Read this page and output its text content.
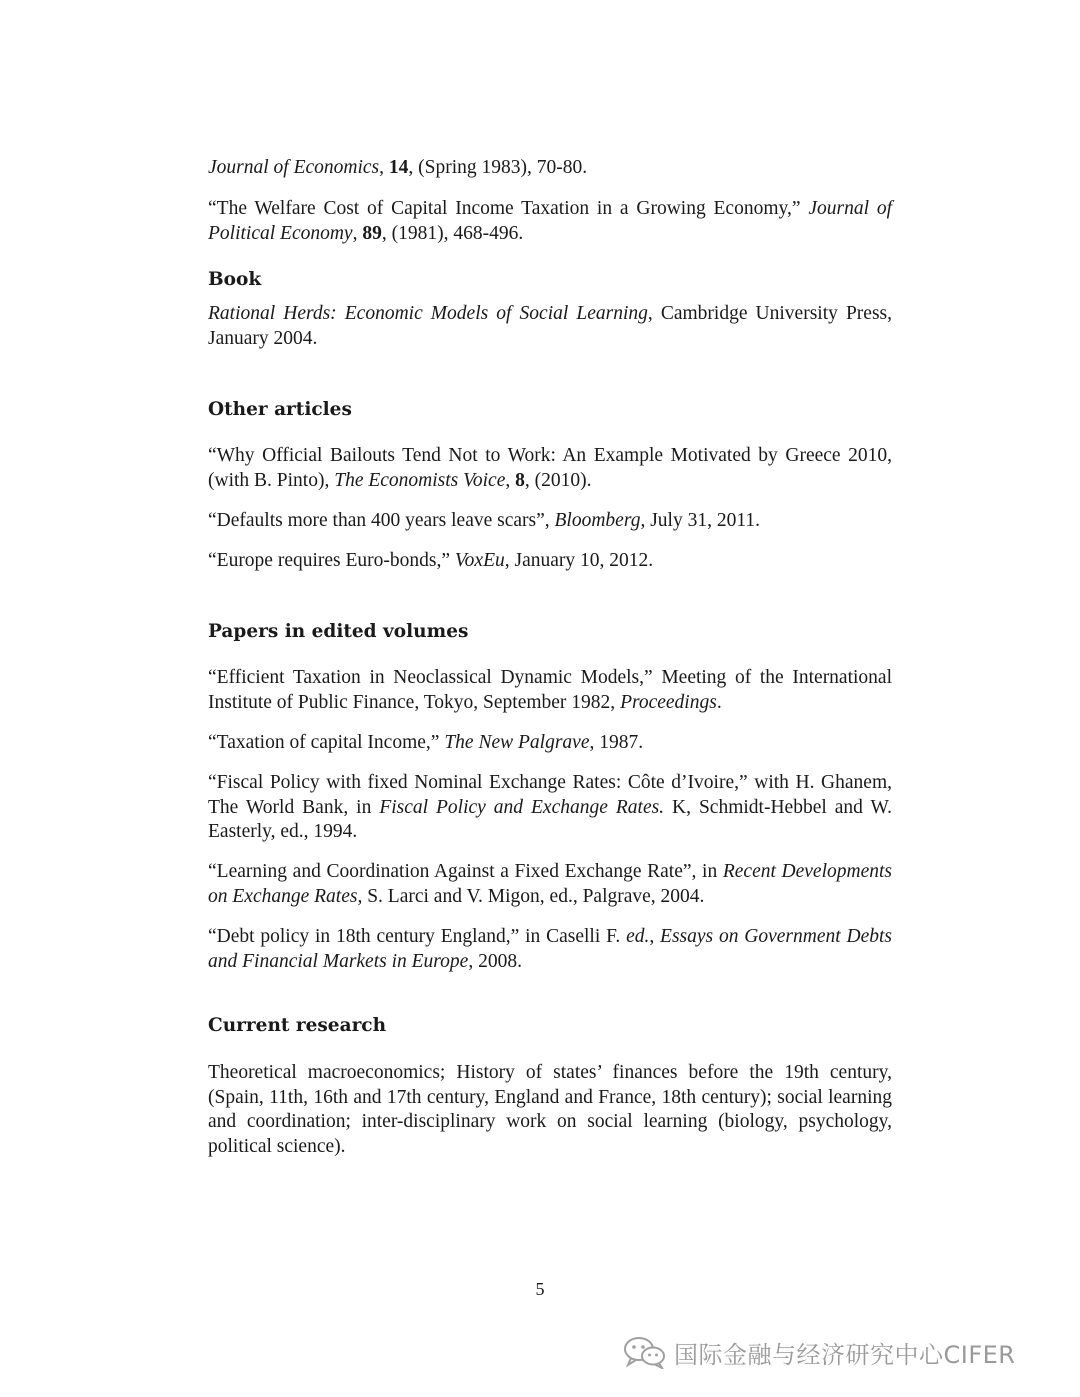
Journal of Economics, 14, (Spring 1983), 70-80.
“The Welfare Cost of Capital Income Taxation in a Growing Economy,” Journal of Political Economy, 89, (1981), 468-496.
Book
Rational Herds: Economic Models of Social Learning, Cambridge University Press, January 2004.
Other articles
“Why Official Bailouts Tend Not to Work: An Example Motivated by Greece 2010, (with B. Pinto), The Economists Voice, 8, (2010).
“Defaults more than 400 years leave scars”, Bloomberg, July 31, 2011.
“Europe requires Euro-bonds,” VoxEu, January 10, 2012.
Papers in edited volumes
“Efficient Taxation in Neoclassical Dynamic Models,” Meeting of the International Institute of Public Finance, Tokyo, September 1982, Proceedings.
“Taxation of capital Income,” The New Palgrave, 1987.
“Fiscal Policy with fixed Nominal Exchange Rates: Côte d’Ivoire,” with H. Ghanem, The World Bank, in Fiscal Policy and Exchange Rates. K, Schmidt-Hebbel and W. Easterly, ed., 1994.
“Learning and Coordination Against a Fixed Exchange Rate”, in Recent Developments on Exchange Rates, S. Larci and V. Migon, ed., Palgrave, 2004.
“Debt policy in 18th century England,” in Caselli F. ed., Essays on Government Debts and Financial Markets in Europe, 2008.
Current research
Theoretical macroeconomics; History of states’ finances before the 19th century, (Spain, 11th, 16th and 17th century, England and France, 18th century); social learning and coordination; inter-disciplinary work on social learning (biology, psychology, political science).
5
国际金融与经济研究中心CIFER
